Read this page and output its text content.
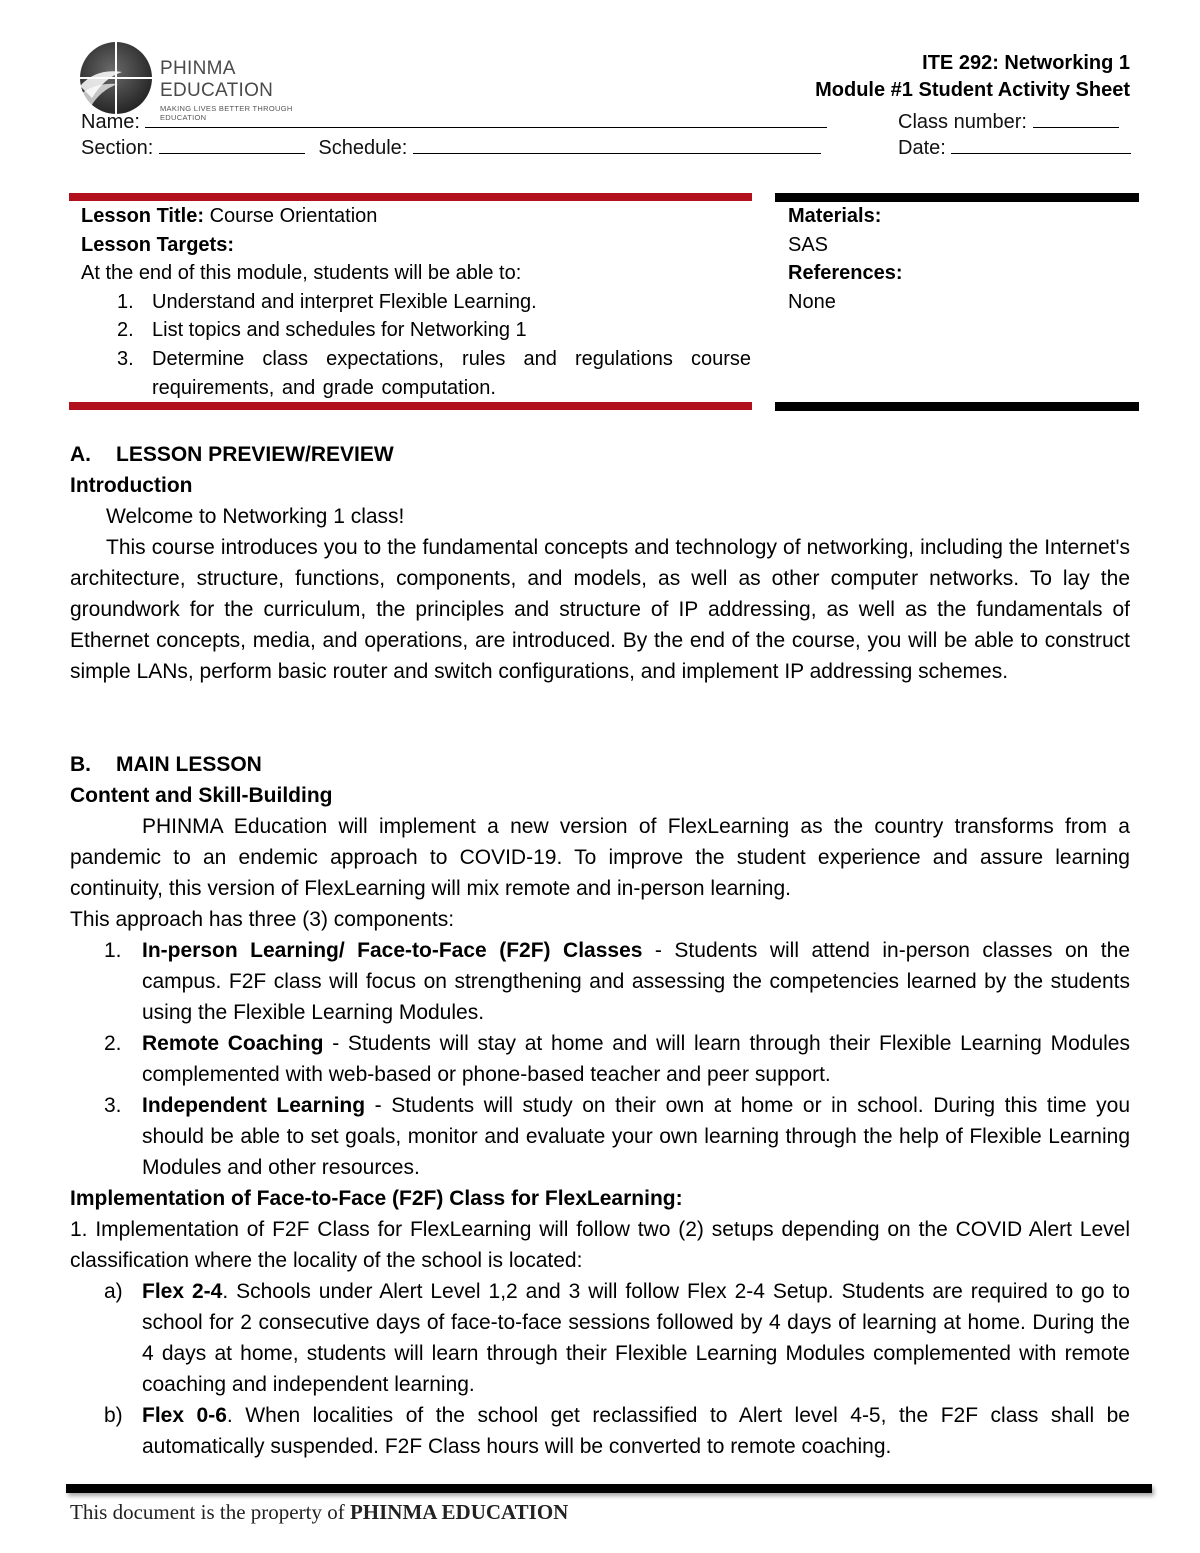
PHINMA EDUCATION
MAKING LIVES BETTER THROUGH EDUCATION
ITE 292: Networking 1
Module #1 Student Activity Sheet
Name:	Class number:
Section:	Schedule:	Date:
Lesson Title: Course Orientation
Lesson Targets:
At the end of this module, students will be able to:
1. Understand and interpret Flexible Learning.
2. List topics and schedules for Networking 1
3. Determine class expectations, rules and regulations course requirements, and grade computation.
Materials:
SAS
References:
None
A. LESSON PREVIEW/REVIEW
Introduction
Welcome to Networking 1 class!
This course introduces you to the fundamental concepts and technology of networking, including the Internet's architecture, structure, functions, components, and models, as well as other computer networks. To lay the groundwork for the curriculum, the principles and structure of IP addressing, as well as the fundamentals of Ethernet concepts, media, and operations, are introduced. By the end of the course, you will be able to construct simple LANs, perform basic router and switch configurations, and implement IP addressing schemes.
B. MAIN LESSON
Content and Skill-Building
PHINMA Education will implement a new version of FlexLearning as the country transforms from a pandemic to an endemic approach to COVID-19. To improve the student experience and assure learning continuity, this version of FlexLearning will mix remote and in-person learning.
This approach has three (3) components:
1. In-person Learning/ Face-to-Face (F2F) Classes - Students will attend in-person classes on the campus. F2F class will focus on strengthening and assessing the competencies learned by the students using the Flexible Learning Modules.
2. Remote Coaching - Students will stay at home and will learn through their Flexible Learning Modules complemented with web-based or phone-based teacher and peer support.
3. Independent Learning - Students will study on their own at home or in school. During this time you should be able to set goals, monitor and evaluate your own learning through the help of Flexible Learning Modules and other resources.
Implementation of Face-to-Face (F2F) Class for FlexLearning:
1. Implementation of F2F Class for FlexLearning will follow two (2) setups depending on the COVID Alert Level classification where the locality of the school is located:
a) Flex 2-4. Schools under Alert Level 1,2 and 3 will follow Flex 2-4 Setup. Students are required to go to school for 2 consecutive days of face-to-face sessions followed by 4 days of learning at home. During the 4 days at home, students will learn through their Flexible Learning Modules complemented with remote coaching and independent learning.
b) Flex 0-6. When localities of the school get reclassified to Alert level 4-5, the F2F class shall be automatically suspended. F2F Class hours will be converted to remote coaching.
This document is the property of PHINMA EDUCATION
